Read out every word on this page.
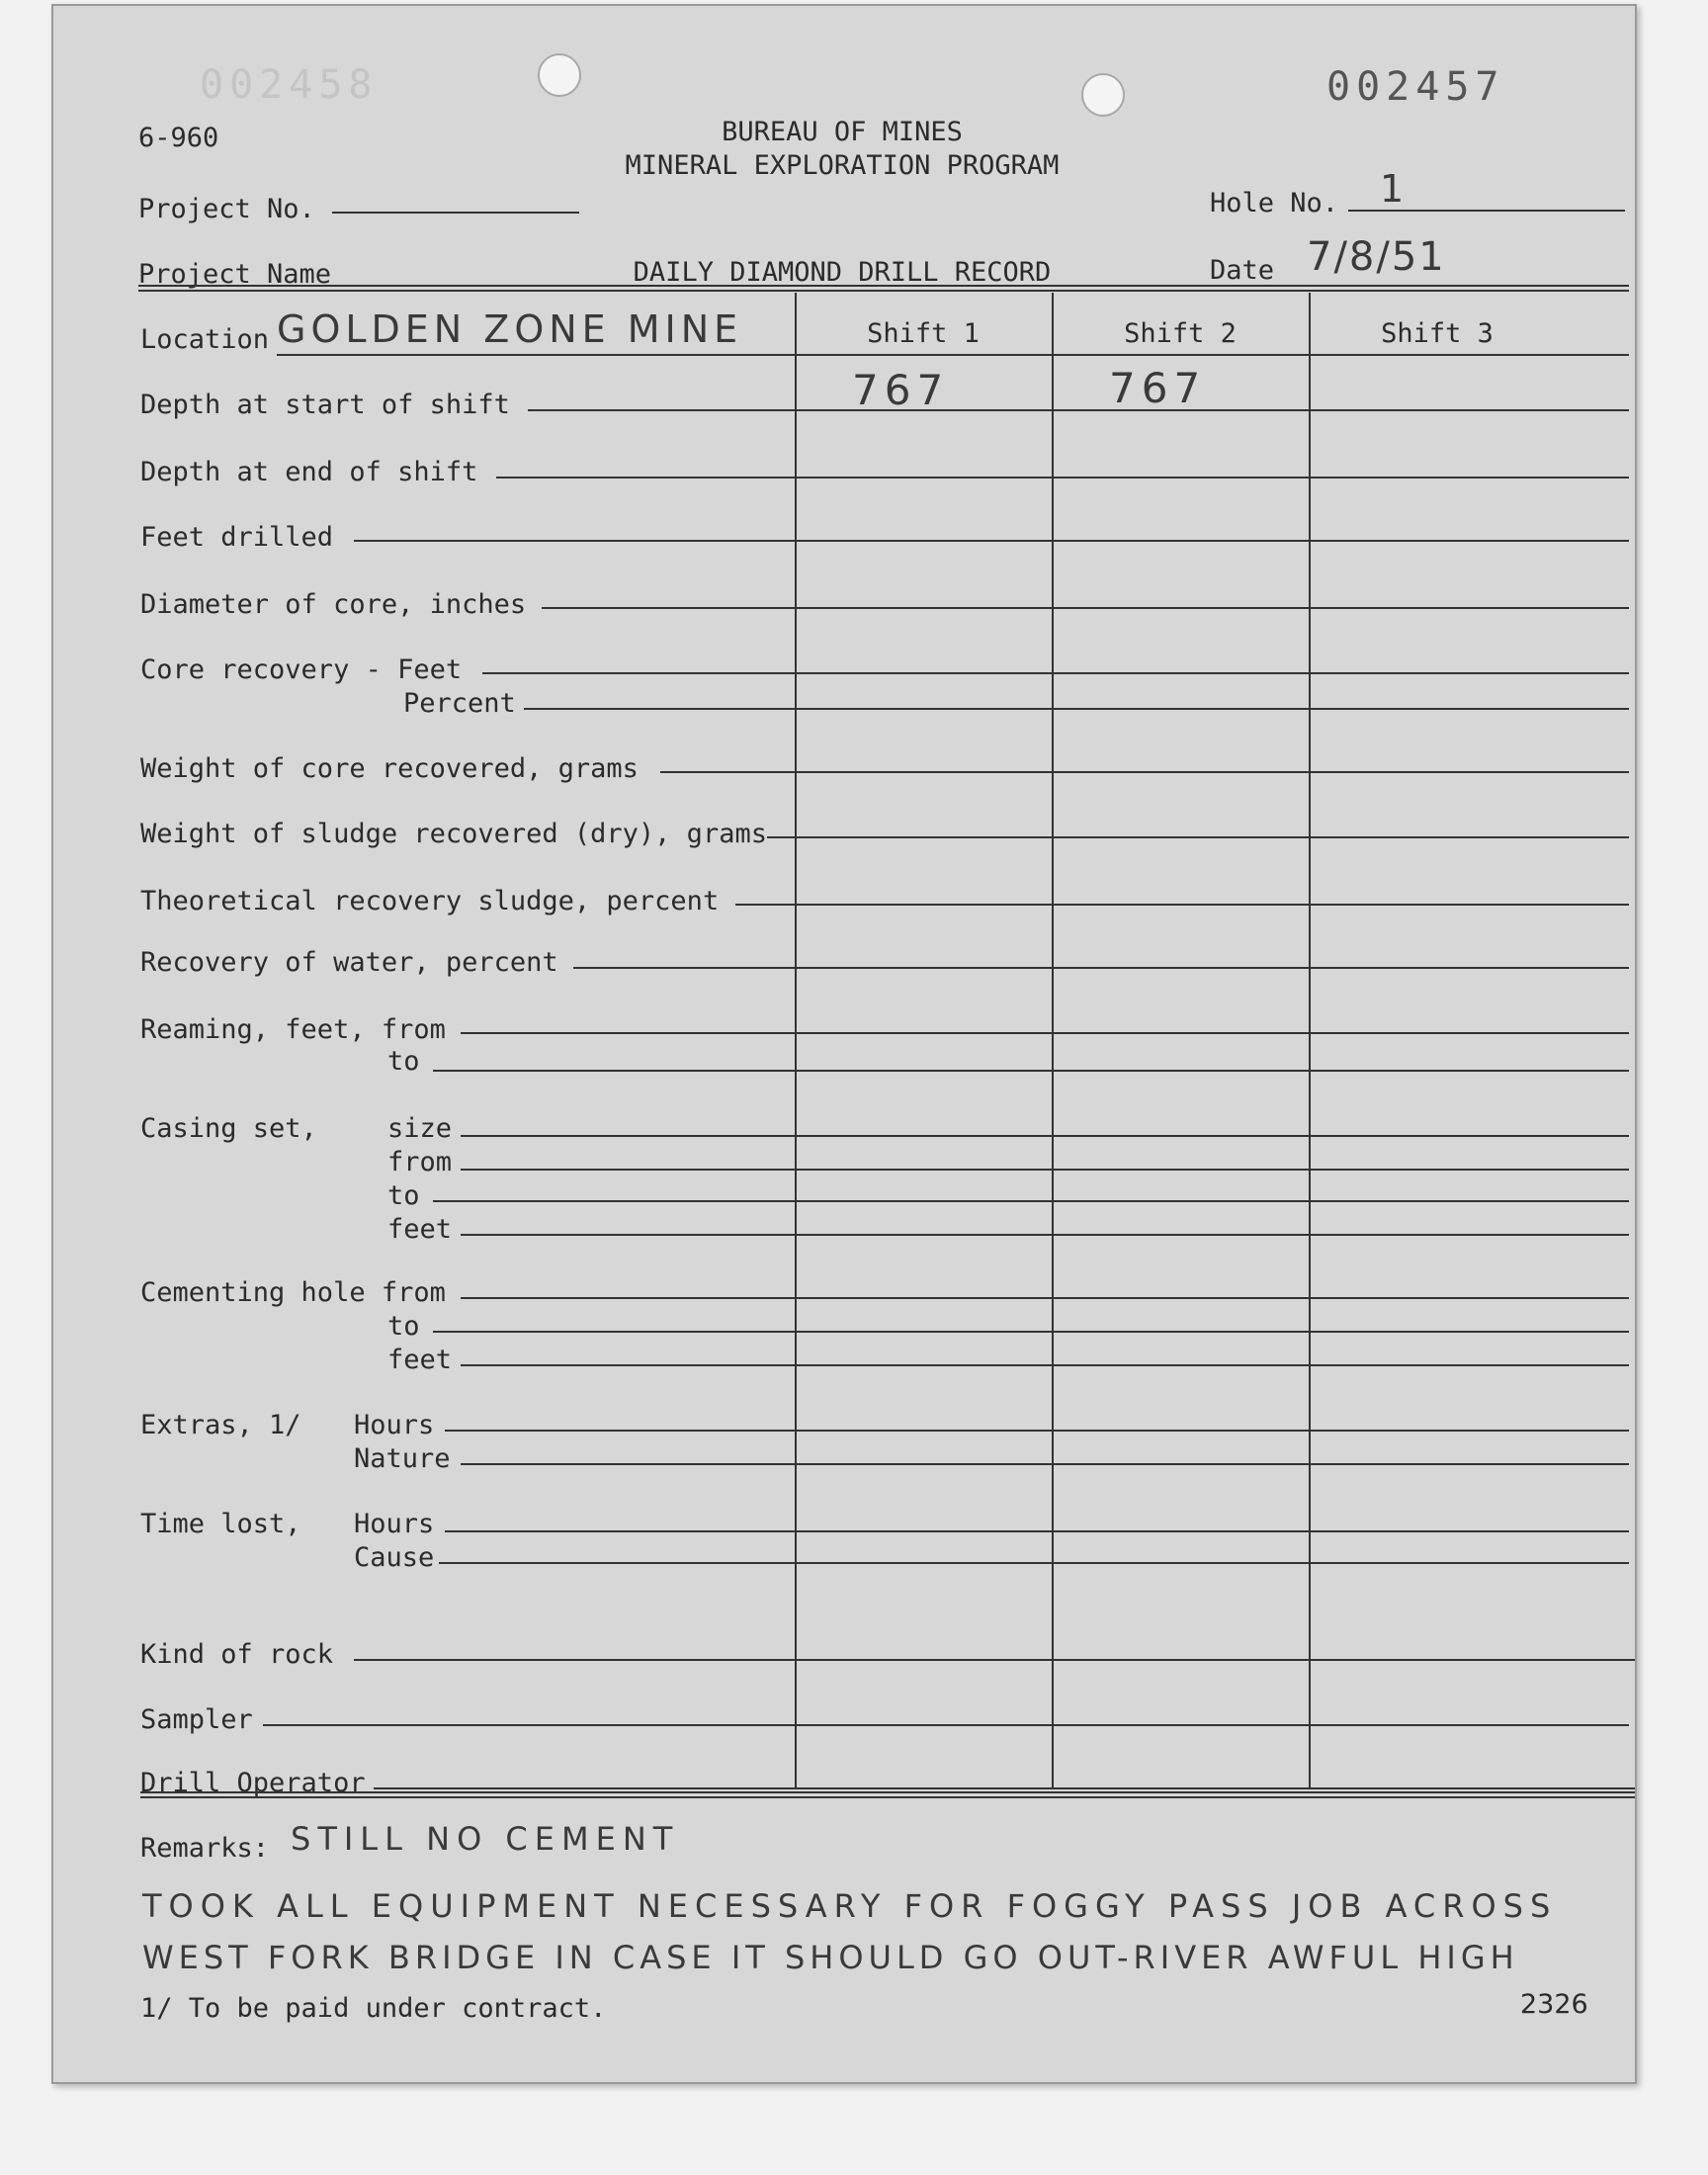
002458	002457
6-960	BUREAU OF MINES
MINERAL EXPLORATION PROGRAM
Project No.	Hole No. 1
Project Name	DAILY DIAMOND DRILL RECORD	Date 7/8/51
Location GOLDEN ZONE MINE	Shift 1	Shift 2	Shift 3
Depth at start of shift	767	767
Depth at end of shift
Feet drilled
Diameter of core, inches
Core recovery - Feet
Percent
Weight of core recovered, grams
Weight of sludge recovered (dry), grams
Theoretical recovery sludge, percent
Recovery of water, percent
Reaming, feet, from
to
Casing set,	size
from
to
feet
Cementing hole from
to
feet
Extras, 1/ Hours
Nature
Time lost, Hours
Cause
Kind of rock
Sampler
Drill Operator
Remarks: STILL NO CEMENT
TOOK ALL EQUIPMENT NECESSARY FOR FOGGY PASS JOB ACROSS
WEST FORK BRIDGE IN CASE IT SHOULD GO OUT-RIVER AWFUL HIGH
1/ To be paid under contract.	2326
